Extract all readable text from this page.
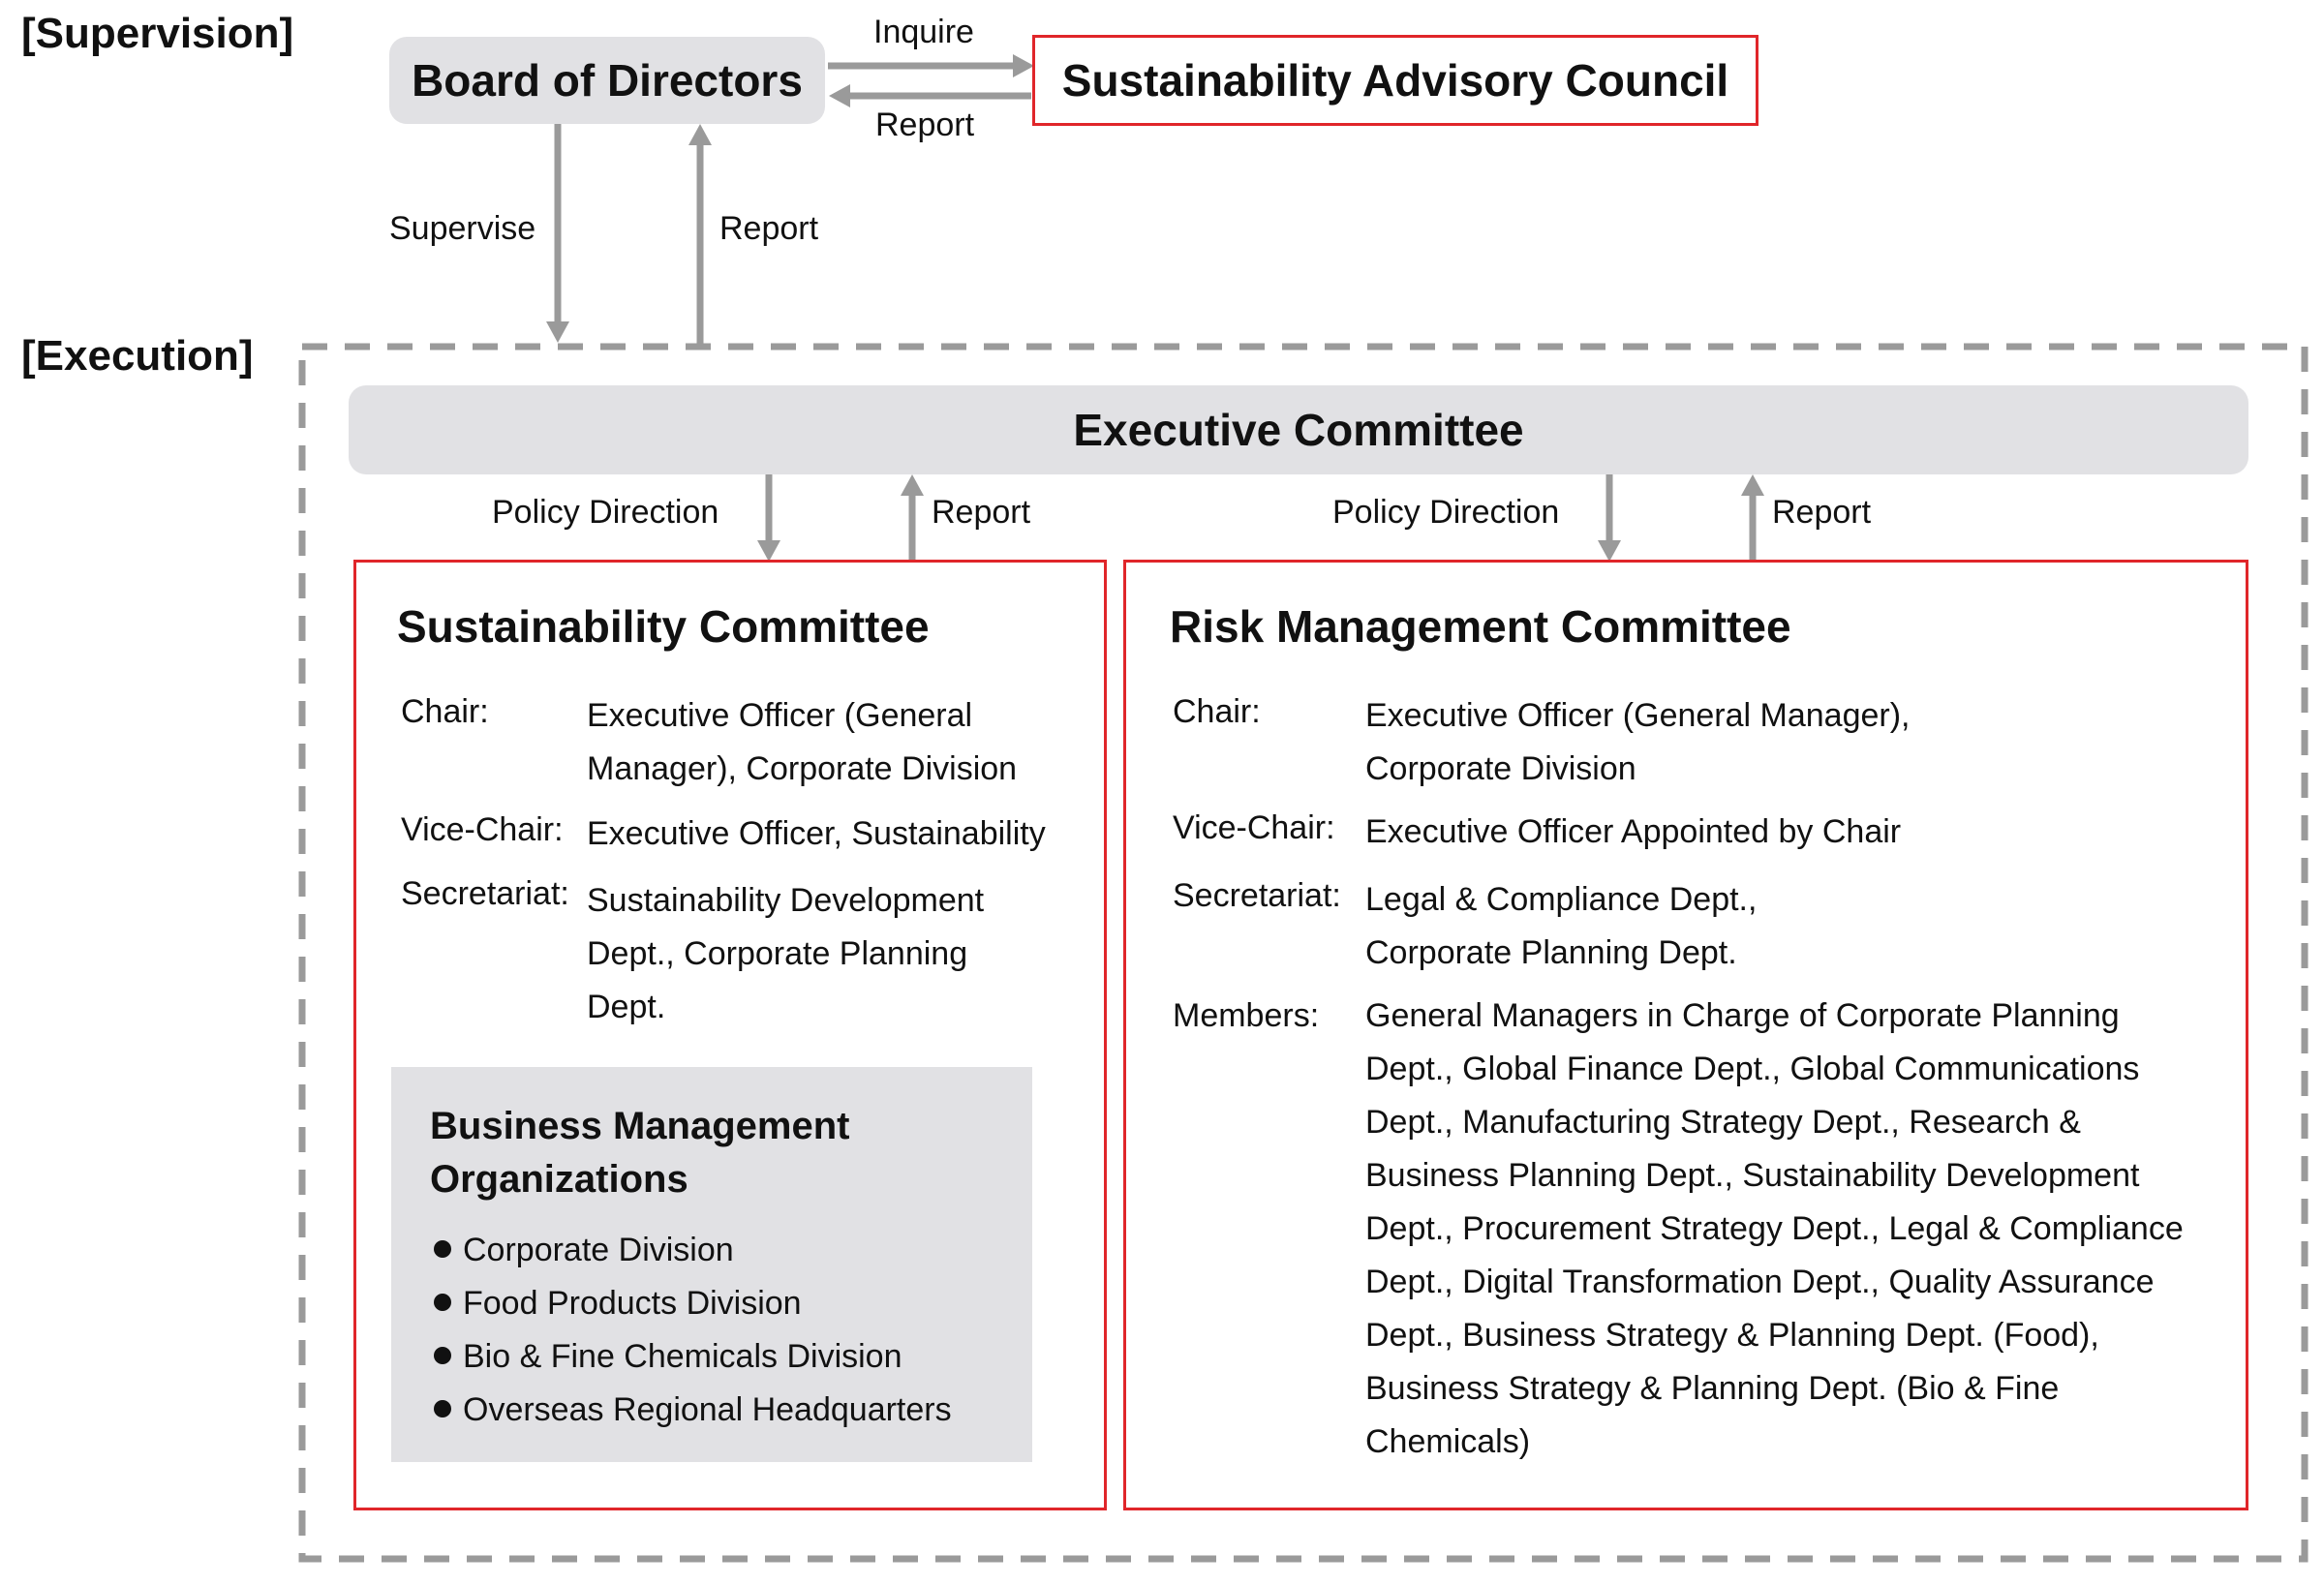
[Supervision]
[Execution]
Board of Directors	Sustainability Advisory Council
Inquire
Report
Supervise	Report
Executive Committee
Policy Direction	Report	Policy Direction	Report
Sustainability Committee
Chair:	Executive Officer (General Manager), Corporate Division
Vice-Chair: Executive Officer, Sustainability
Secretariat: Sustainability Development Dept., Corporate Planning Dept.
Business Management Organizations
Corporate Division
Food Products Division
Bio & Fine Chemicals Division
Overseas Regional Headquarters
Risk Management Committee
Chair:	Executive Officer (General Manager), Corporate Division
Vice-Chair: Executive Officer Appointed by Chair
Secretariat: Legal & Compliance Dept., Corporate Planning Dept.
Members: General Managers in Charge of Corporate Planning Dept., Global Finance Dept., Global Communications Dept., Manufacturing Strategy Dept., Research & Business Planning Dept., Sustainability Development Dept., Procurement Strategy Dept., Legal & Compliance Dept., Digital Transformation Dept., Quality Assurance Dept., Business Strategy & Planning Dept. (Food), Business Strategy & Planning Dept. (Bio & Fine Chemicals)
